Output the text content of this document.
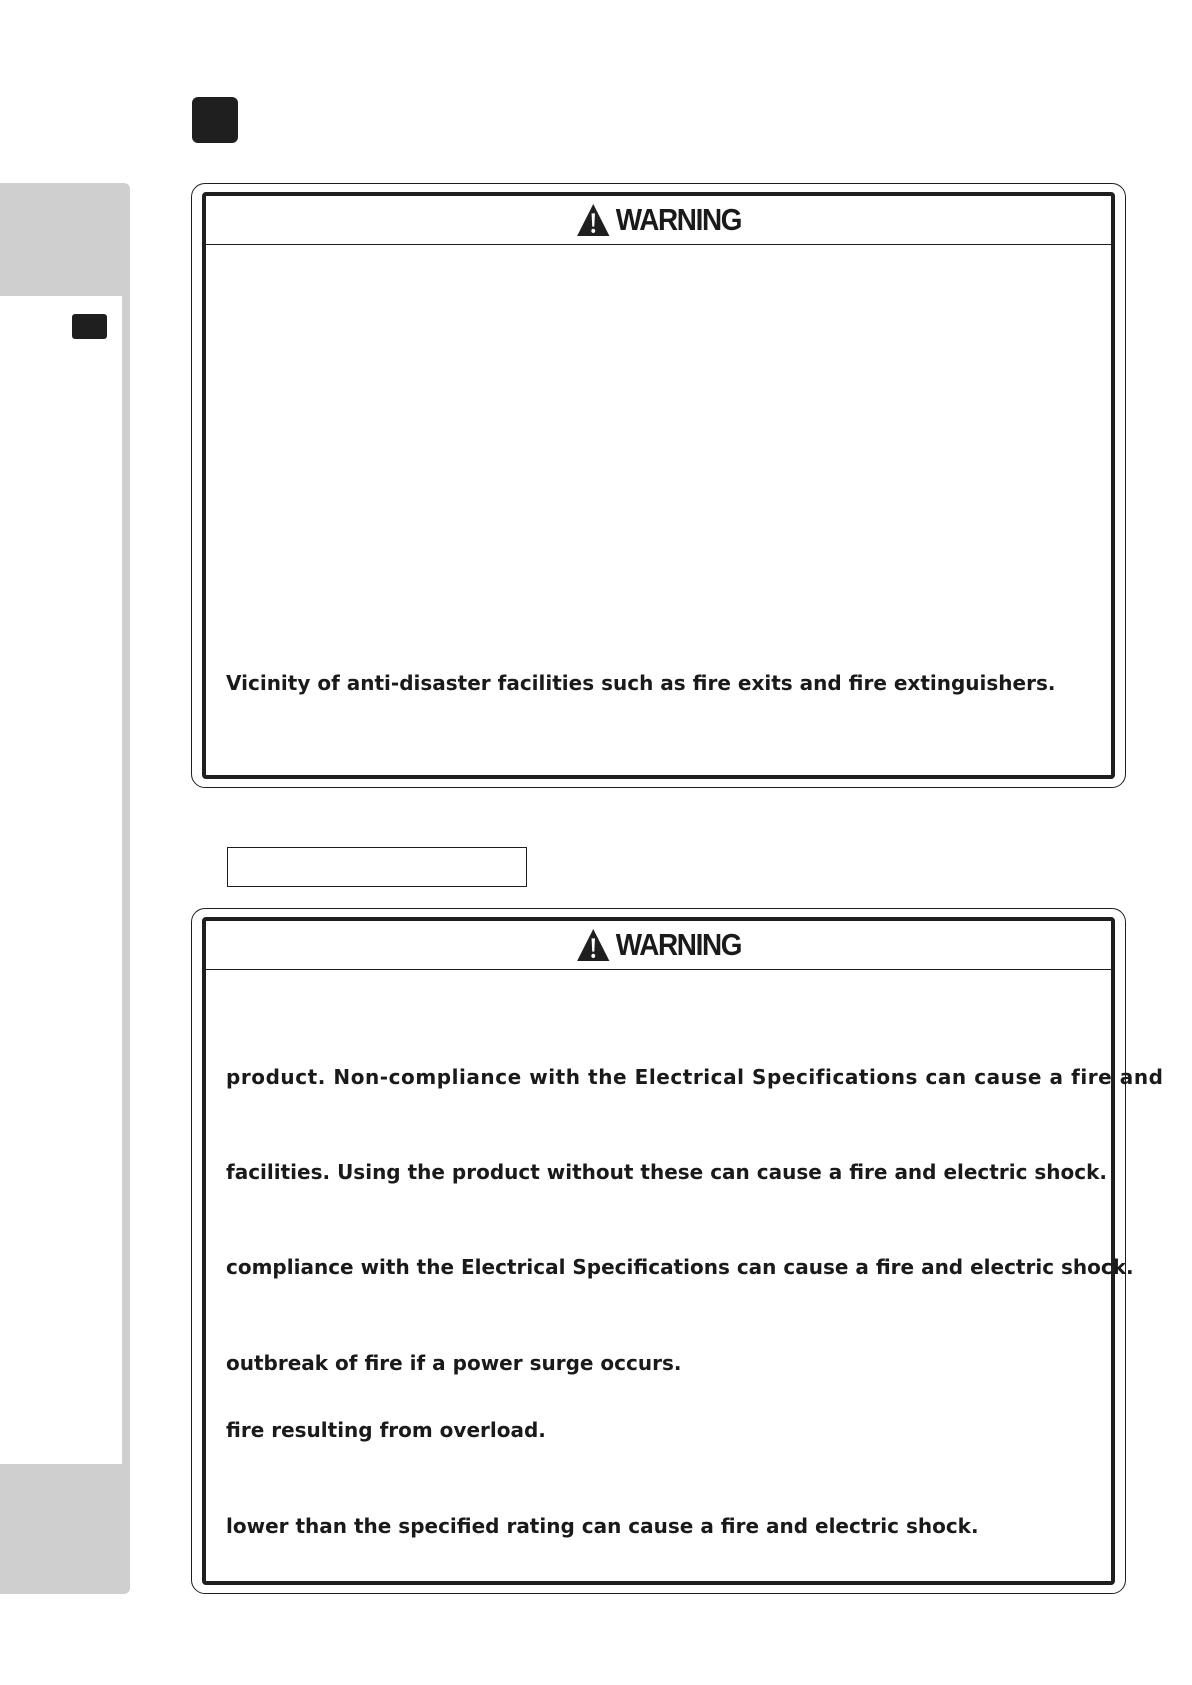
WARNING
Vicinity of anti-disaster facilities such as fire exits and fire extinguishers.
WARNING
product. Non-compliance with the Electrical Specifications can cause a fire and
facilities. Using the product without these can cause a fire and electric shock.
compliance with the Electrical Specifications can cause a fire and electric shock.
outbreak of fire if a power surge occurs.
fire resulting from overload.
lower than the specified rating can cause a fire and electric shock.
